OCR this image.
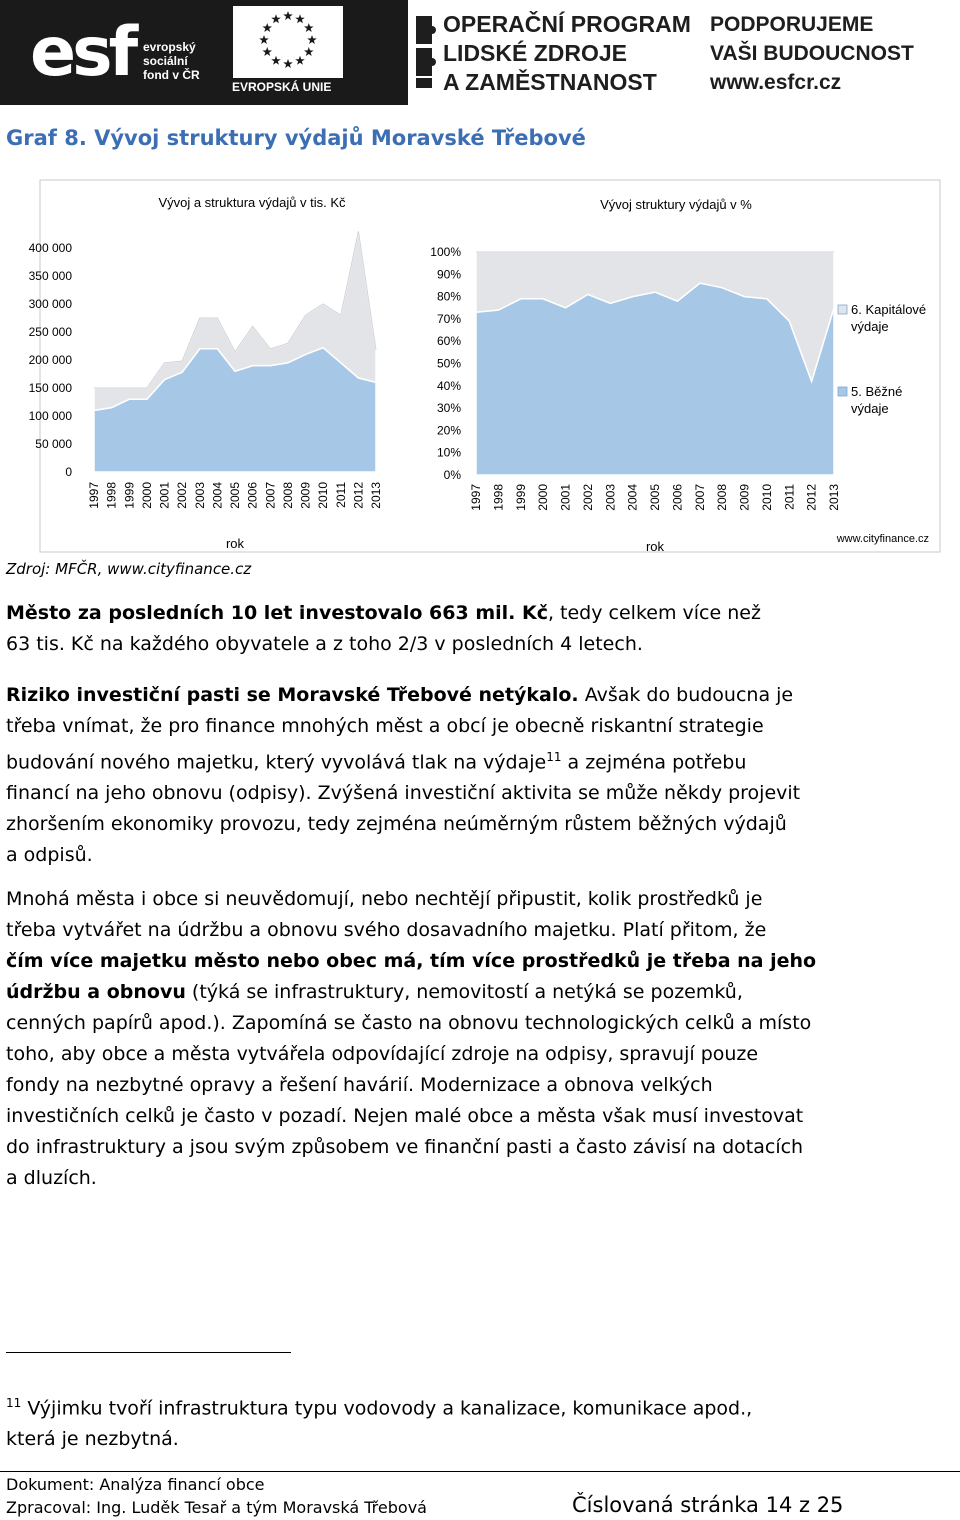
esf evropský
sociální
fond v ČR
EVROPSKÁ UNIE
OPERAČNÍ PROGRAM
LIDSKÉ ZDROJE
A ZAMĚSTNANOST
PODPORUJEME
VAŠI BUDOUCNOST
www.esfcr.cz
Graf 8. Vývoj struktury výdajů Moravské Třebové
Vývoj a struktura výdajů v tis. Kč
400 000
350 000
300 000
250 000
200 000
150 000
100 000
50 000
0
1997 1998 1999 2000 2001 2002 2003 2004 2005 2006 2007 2008 2009 2010 2011 2012 2013
rok
Vývoj struktury výdajů v %
100%
90%
80%
70%
60%
50%
40%
30%
20%
10%
0%
1997 1998 1999 2000 2001 2002 2003 2004 2005 2006 2007 2008 2009 2010 2011 2012 2013
rok
6. Kapitálové výdaje
5. Běžné výdaje
www.cityfinance.cz
Zdroj: MFČR, www.cityfinance.cz
Město za posledních 10 let investovalo 663 mil. Kč, tedy celkem více než
63 tis. Kč na každého obyvatele a z toho 2/3 v posledních 4 letech.
Riziko investiční pasti se Moravské Třebové netýkalo. Avšak do budoucna je
třeba vnímat, že pro finance mnohých měst a obcí je obecně riskantní strategie
budování nového majetku, který vyvolává tlak na výdaje$^{11}$ a zejména potřebu
financí na jeho obnovu (odpisy). Zvýšená investiční aktivita se může někdy projevit
zhoršením ekonomiky provozu, tedy zejména neúměrným růstem běžných výdajů
a odpisů.
Mnohá města i obce si neuvědomují, nebo nechtějí připustit, kolik prostředků je
třeba vytvářet na údržbu a obnovu svého dosavadního majetku. Platí přitom, že
čím více majetku město nebo obec má, tím více prostředků je třeba na jeho
údržbu a obnovu (týká se infrastruktury, nemovitostí a netýká se pozemků,
cenných papírů apod.). Zapomíná se často na obnovu technologických celků a místo
toho, aby obce a města vytvářela odpovídající zdroje na odpisy, spravují pouze
fondy na nezbytné opravy a řešení havárií. Modernizace a obnova velkých
investičních celků je často v pozadí. Nejen malé obce a města však musí investovat
do infrastruktury a jsou svým způsobem ve finanční pasti a často závisí na dotacích
a dluzích.
$^{11}$ Výjimku tvoří infrastruktura typu vodovody a kanalizace, komunikace apod.,
která je nezbytná.
Dokument: Analýza financí obce
Zpracoval: Ing. Luděk Tesař a tým Moravská Třebová	Číslovaná stránka 14 z 25
